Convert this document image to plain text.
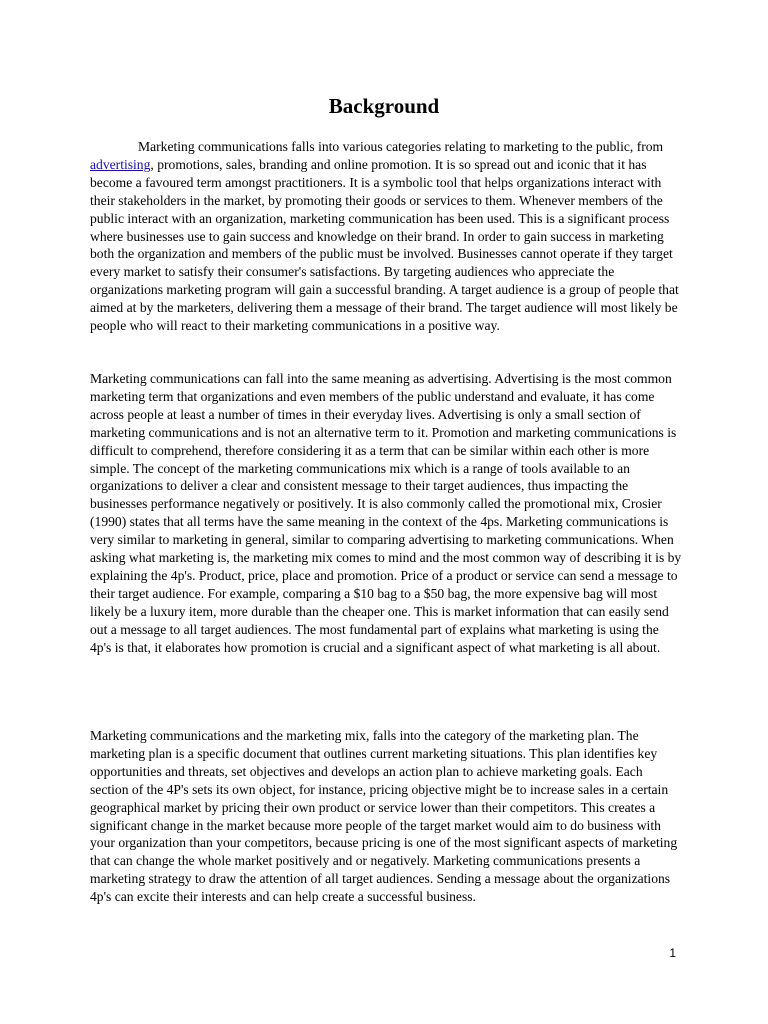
Background

Marketing communications falls into various categories relating to marketing to the public, from advertising, promotions, sales, branding and online promotion. It is so spread out and iconic that it has become a favoured term amongst practitioners. It is a symbolic tool that helps organizations interact with their stakeholders in the market, by promoting their goods or services to them. Whenever members of the public interact with an organization, marketing communication has been used. This is a significant process where businesses use to gain success and knowledge on their brand. In order to gain success in marketing both the organization and members of the public must be involved. Businesses cannot operate if they target every market to satisfy their consumer's satisfactions. By targeting audiences who appreciate the organizations marketing program will gain a successful branding. A target audience is a group of people that aimed at by the marketers, delivering them a message of their brand. The target audience will most likely be people who will react to their marketing communications in a positive way.

Marketing communications can fall into the same meaning as advertising. Advertising is the most common marketing term that organizations and even members of the public understand and evaluate, it has come across people at least a number of times in their everyday lives. Advertising is only a small section of marketing communications and is not an alternative term to it. Promotion and marketing communications is difficult to comprehend, therefore considering it as a term that can be similar within each other is more simple. The concept of the marketing communications mix which is a range of tools available to an organizations to deliver a clear and consistent message to their target audiences, thus impacting the businesses performance negatively or positively. It is also commonly called the promotional mix, Crosier (1990) states that all terms have the same meaning in the context of the 4ps. Marketing communications is very similar to marketing in general, similar to comparing advertising to marketing communications. When asking what marketing is, the marketing mix comes to mind and the most common way of describing it is by explaining the 4p's. Product, price, place and promotion. Price of a product or service can send a message to their target audience. For example, comparing a $10 bag to a $50 bag, the more expensive bag will most likely be a luxury item, more durable than the cheaper one. This is market information that can easily send out a message to all target audiences. The most fundamental part of explains what marketing is using the 4p's is that, it elaborates how promotion is crucial and a significant aspect of what marketing is all about.

Marketing communications and the marketing mix, falls into the category of the marketing plan. The marketing plan is a specific document that outlines current marketing situations. This plan identifies key opportunities and threats, set objectives and develops an action plan to achieve marketing goals. Each section of the 4P's sets its own object, for instance, pricing objective might be to increase sales in a certain geographical market by pricing their own product or service lower than their competitors. This creates a significant change in the market because more people of the target market would aim to do business with your organization than your competitors, because pricing is one of the most significant aspects of marketing that can change the whole market positively and or negatively. Marketing communications presents a marketing strategy to draw the attention of all target audiences. Sending a message about the organizations 4p's can excite their interests and can help create a successful business.

1
